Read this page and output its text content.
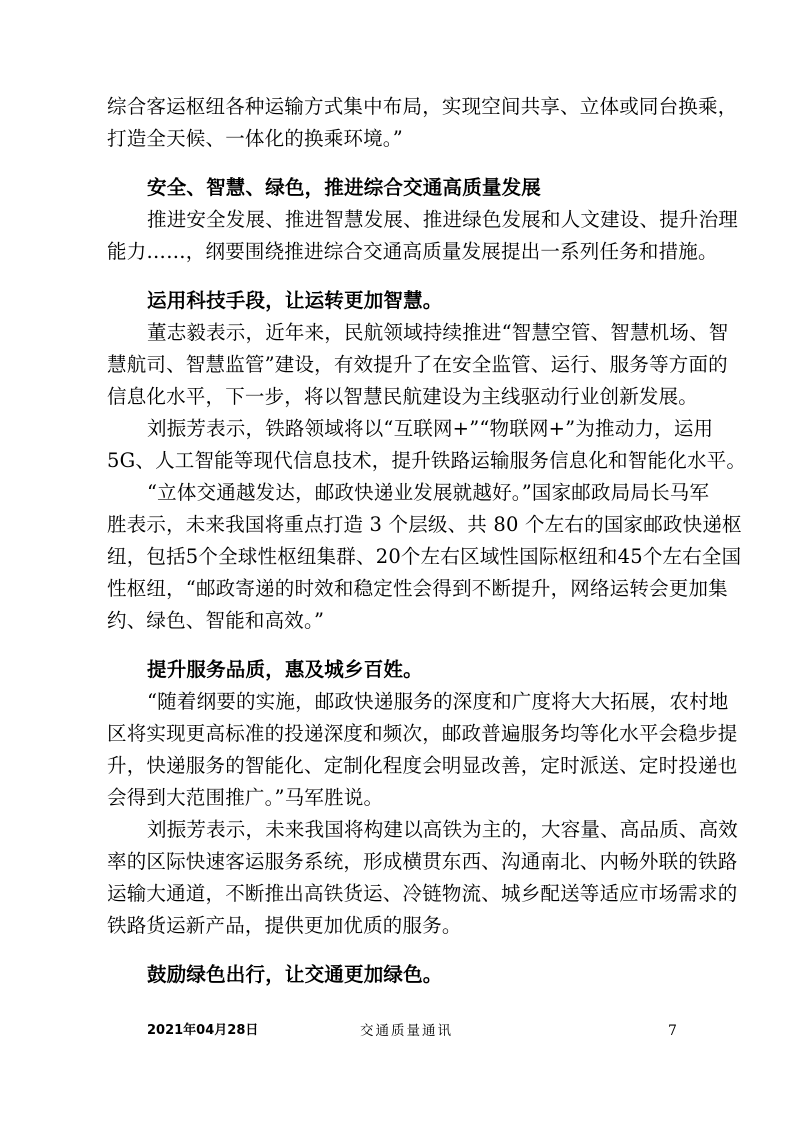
综合客运枢纽各种运输方式集中布局，实现空间共享、立体或同台换乘，
打造全天候、一体化的换乘环境。”
安全、智慧、绿色，推进综合交通高质量发展
推进安全发展、推进智慧发展、推进绿色发展和人文建设、提升治理
能力……，纲要围绕推进综合交通高质量发展提出一系列任务和措施。
运用科技手段，让运转更加智慧。
董志毅表示，近年来，民航领域持续推进“智慧空管、智慧机场、智
慧航司、智慧监管”建设，有效提升了在安全监管、运行、服务等方面的
信息化水平，下一步，将以智慧民航建设为主线驱动行业创新发展。
刘振芳表示，铁路领域将以“互联网+”“物联网+”为推动力，运用
5G、人工智能等现代信息技术，提升铁路运输服务信息化和智能化水平。
“立体交通越发达，邮政快递业发展就越好。”国家邮政局局长马军
胜表示，未来我国将重点打造 3 个层级、共 80 个左右的国家邮政快递枢
纽，包括5个全球性枢纽集群、20个左右区域性国际枢纽和45个左右全国
性枢纽，“邮政寄递的时效和稳定性会得到不断提升，网络运转会更加集
约、绿色、智能和高效。”
提升服务品质，惠及城乡百姓。
“随着纲要的实施，邮政快递服务的深度和广度将大大拓展，农村地
区将实现更高标准的投递深度和频次，邮政普遍服务均等化水平会稳步提
升，快递服务的智能化、定制化程度会明显改善，定时派送、定时投递也
会得到大范围推广。”马军胜说。
刘振芳表示，未来我国将构建以高铁为主的，大容量、高品质、高效
率的区际快速客运服务系统，形成横贯东西、沟通南北、内畅外联的铁路
运输大通道，不断推出高铁货运、冷链物流、城乡配送等适应市场需求的
铁路货运新产品，提供更加优质的服务。
鼓励绿色出行，让交通更加绿色。
2021年04月28日	交通质量通讯	7
